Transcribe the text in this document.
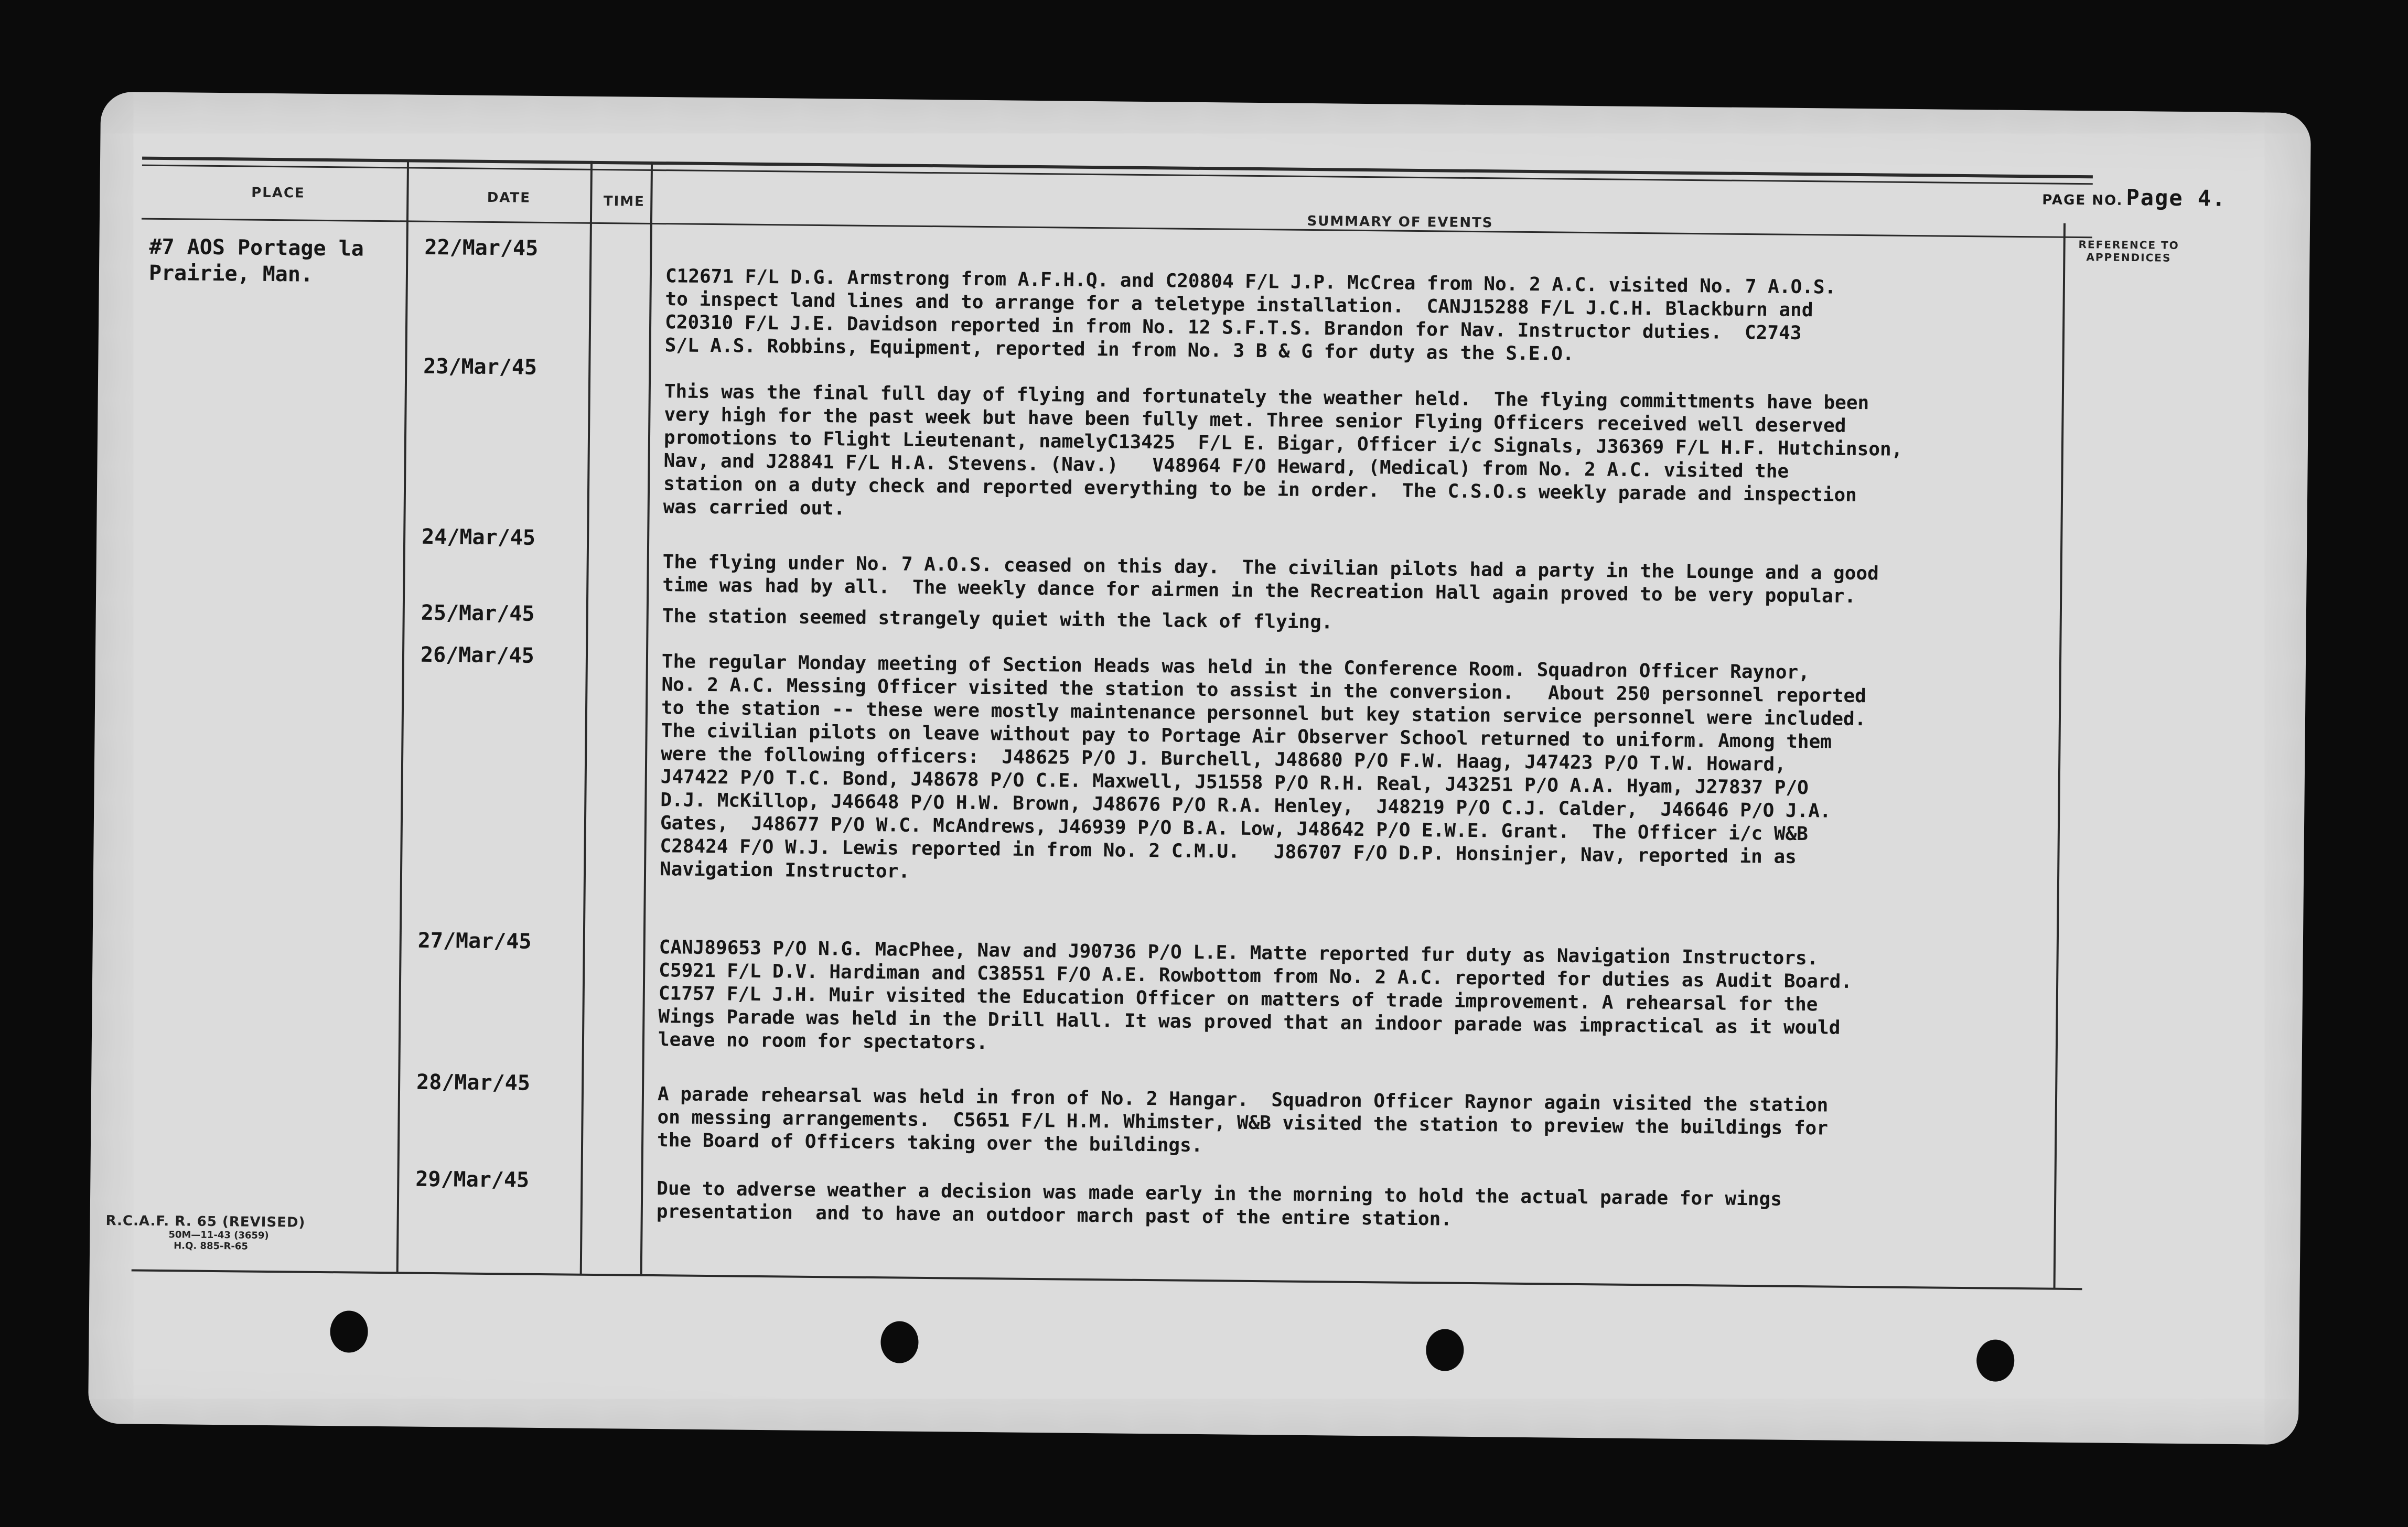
PLACE	DATE	TIME
SUMMARY OF EVENTS
REFERENCE TO APPENDICES
PAGE NO. Page 4.
#7 AOS Portage la Prairie, Man.
22/Mar/45
23/Mar/45
24/Mar/45
25/Mar/45
26/Mar/45
27/Mar/45
28/Mar/45
29/Mar/45
C12671 F/L D.G. Armstrong from A.F.H.Q. and C20804 F/L J.P. McCrea from No. 2 A.C. visited No. 7 A.O.S.
to inspect land lines and to arrange for a teletype installation.  CANJ15288 F/L J.C.H. Blackburn and
C20310 F/L J.E. Davidson reported in from No. 12 S.F.T.S. Brandon for Nav. Instructor duties.  C2743
S/L A.S. Robbins, Equipment, reported in from No. 3 B & G for duty as the S.E.O.
This was the final full day of flying and fortunately the weather held.  The flying committments have been
very high for the past week but have been fully met. Three senior Flying Officers received well deserved
promotions to Flight Lieutenant, namelyC13425  F/L E. Bigar, Officer i/c Signals, J36369 F/L H.F. Hutchinson,
Nav, and J28841 F/L H.A. Stevens. (Nav.)   V48964 F/O Heward, (Medical) from No. 2 A.C. visited the
station on a duty check and reported everything to be in order.  The C.S.O.s weekly parade and inspection
was carried out.
The flying under No. 7 A.O.S. ceased on this day.  The civilian pilots had a party in the Lounge and a good
time was had by all.  The weekly dance for airmen in the Recreation Hall again proved to be very popular.
The station seemed strangely quiet with the lack of flying.
The regular Monday meeting of Section Heads was held in the Conference Room. Squadron Officer Raynor,
No. 2 A.C. Messing Officer visited the station to assist in the conversion.   About 250 personnel reported
to the station -- these were mostly maintenance personnel but key station service personnel were included.
The civilian pilots on leave without pay to Portage Air Observer School returned to uniform. Among them
were the following officers:  J48625 P/O J. Burchell, J48680 P/O F.W. Haag, J47423 P/O T.W. Howard,
J47422 P/O T.C. Bond, J48678 P/O C.E. Maxwell, J51558 P/O R.H. Real, J43251 P/O A.A. Hyam, J27837 P/O
D.J. McKillop, J46648 P/O H.W. Brown, J48676 P/O R.A. Henley,  J48219 P/O C.J. Calder,  J46646 P/O J.A.
Gates,  J48677 P/O W.C. McAndrews, J46939 P/O B.A. Low, J48642 P/O E.W.E. Grant.  The Officer i/c W&B
C28424 F/O W.J. Lewis reported in from No. 2 C.M.U.   J86707 F/O D.P. Honsinjer, Nav, reported in as
Navigation Instructor.
CANJ89653 P/O N.G. MacPhee, Nav and J90736 P/O L.E. Matte reported fur duty as Navigation Instructors.
C5921 F/L D.V. Hardiman and C38551 F/O A.E. Rowbottom from No. 2 A.C. reported for duties as Audit Board.
C1757 F/L J.H. Muir visited the Education Officer on matters of trade improvement. A rehearsal for the
Wings Parade was held in the Drill Hall. It was proved that an indoor parade was impractical as it would
leave no room for spectators.
A parade rehearsal was held in fron of No. 2 Hangar.  Squadron Officer Raynor again visited the station
on messing arrangements.  C5651 F/L H.M. Whimster, W&B visited the station to preview the buildings for
the Board of Officers taking over the buildings.
Due to adverse weather a decision was made early in the morning to hold the actual parade for wings
presentation  and to have an outdoor march past of the entire station.
R.C.A.F. R. 65 (REVISED)
50M—11-43 (3659)
H.Q. 885-R-65
